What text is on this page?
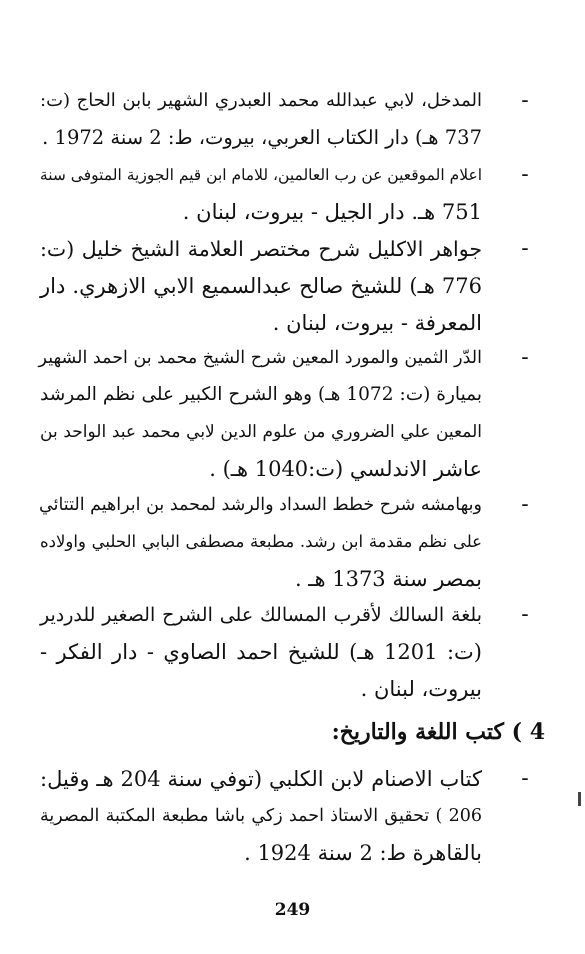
-
المدخل، لابي عبدالله محمد العبدري الشهير بابن الحاج (ت:
737 هـ) دار الكتاب العربي، بيروت، ط: 2 سنة 1972 .
-
اعلام الموقعين عن رب العالمين، للامام ابن قيم الجوزية المتوفى سنة
751 هـ. دار الجيل - بيروت، لبنان .
-
جواهر الاكليل شرح مختصر العلامة الشيخ خليل (ت:
776 هـ) للشيخ صالح عبدالسميع الابي الازهري. دار
المعرفة - بيروت، لبنان .
-
الدّر الثمين والمورد المعين شرح الشيخ محمد بن احمد الشهير
بميارة (ت: 1072 هـ) وهو الشرح الكبير على نظم المرشد
المعين علي الضروري من علوم الدين لابي محمد عبد الواحد بن
عاشر الاندلسي (ت:1040 هـ) .
-
وبهامشه شرح خطط السداد والرشد لمحمد بن ابراهيم التتائي
على نظم مقدمة ابن رشد. مطبعة مصطفى البابي الحلبي واولاده
بمصر سنة 1373 هـ .
-
بلغة السالك لأقرب المسالك على الشرح الصغير للدردير
(ت: 1201 هـ) للشيخ احمد الصاوي - دار الفكر -
بيروت، لبنان .
4 ) كتب اللغة والتاريخ:
-
كتاب الاصنام لابن الكلبي (توفي سنة 204 هـ وقيل:
206 ) تحقيق الاستاذ احمد زكي باشا مطبعة المكتبة المصرية
بالقاهرة ط: 2 سنة 1924 .
249
